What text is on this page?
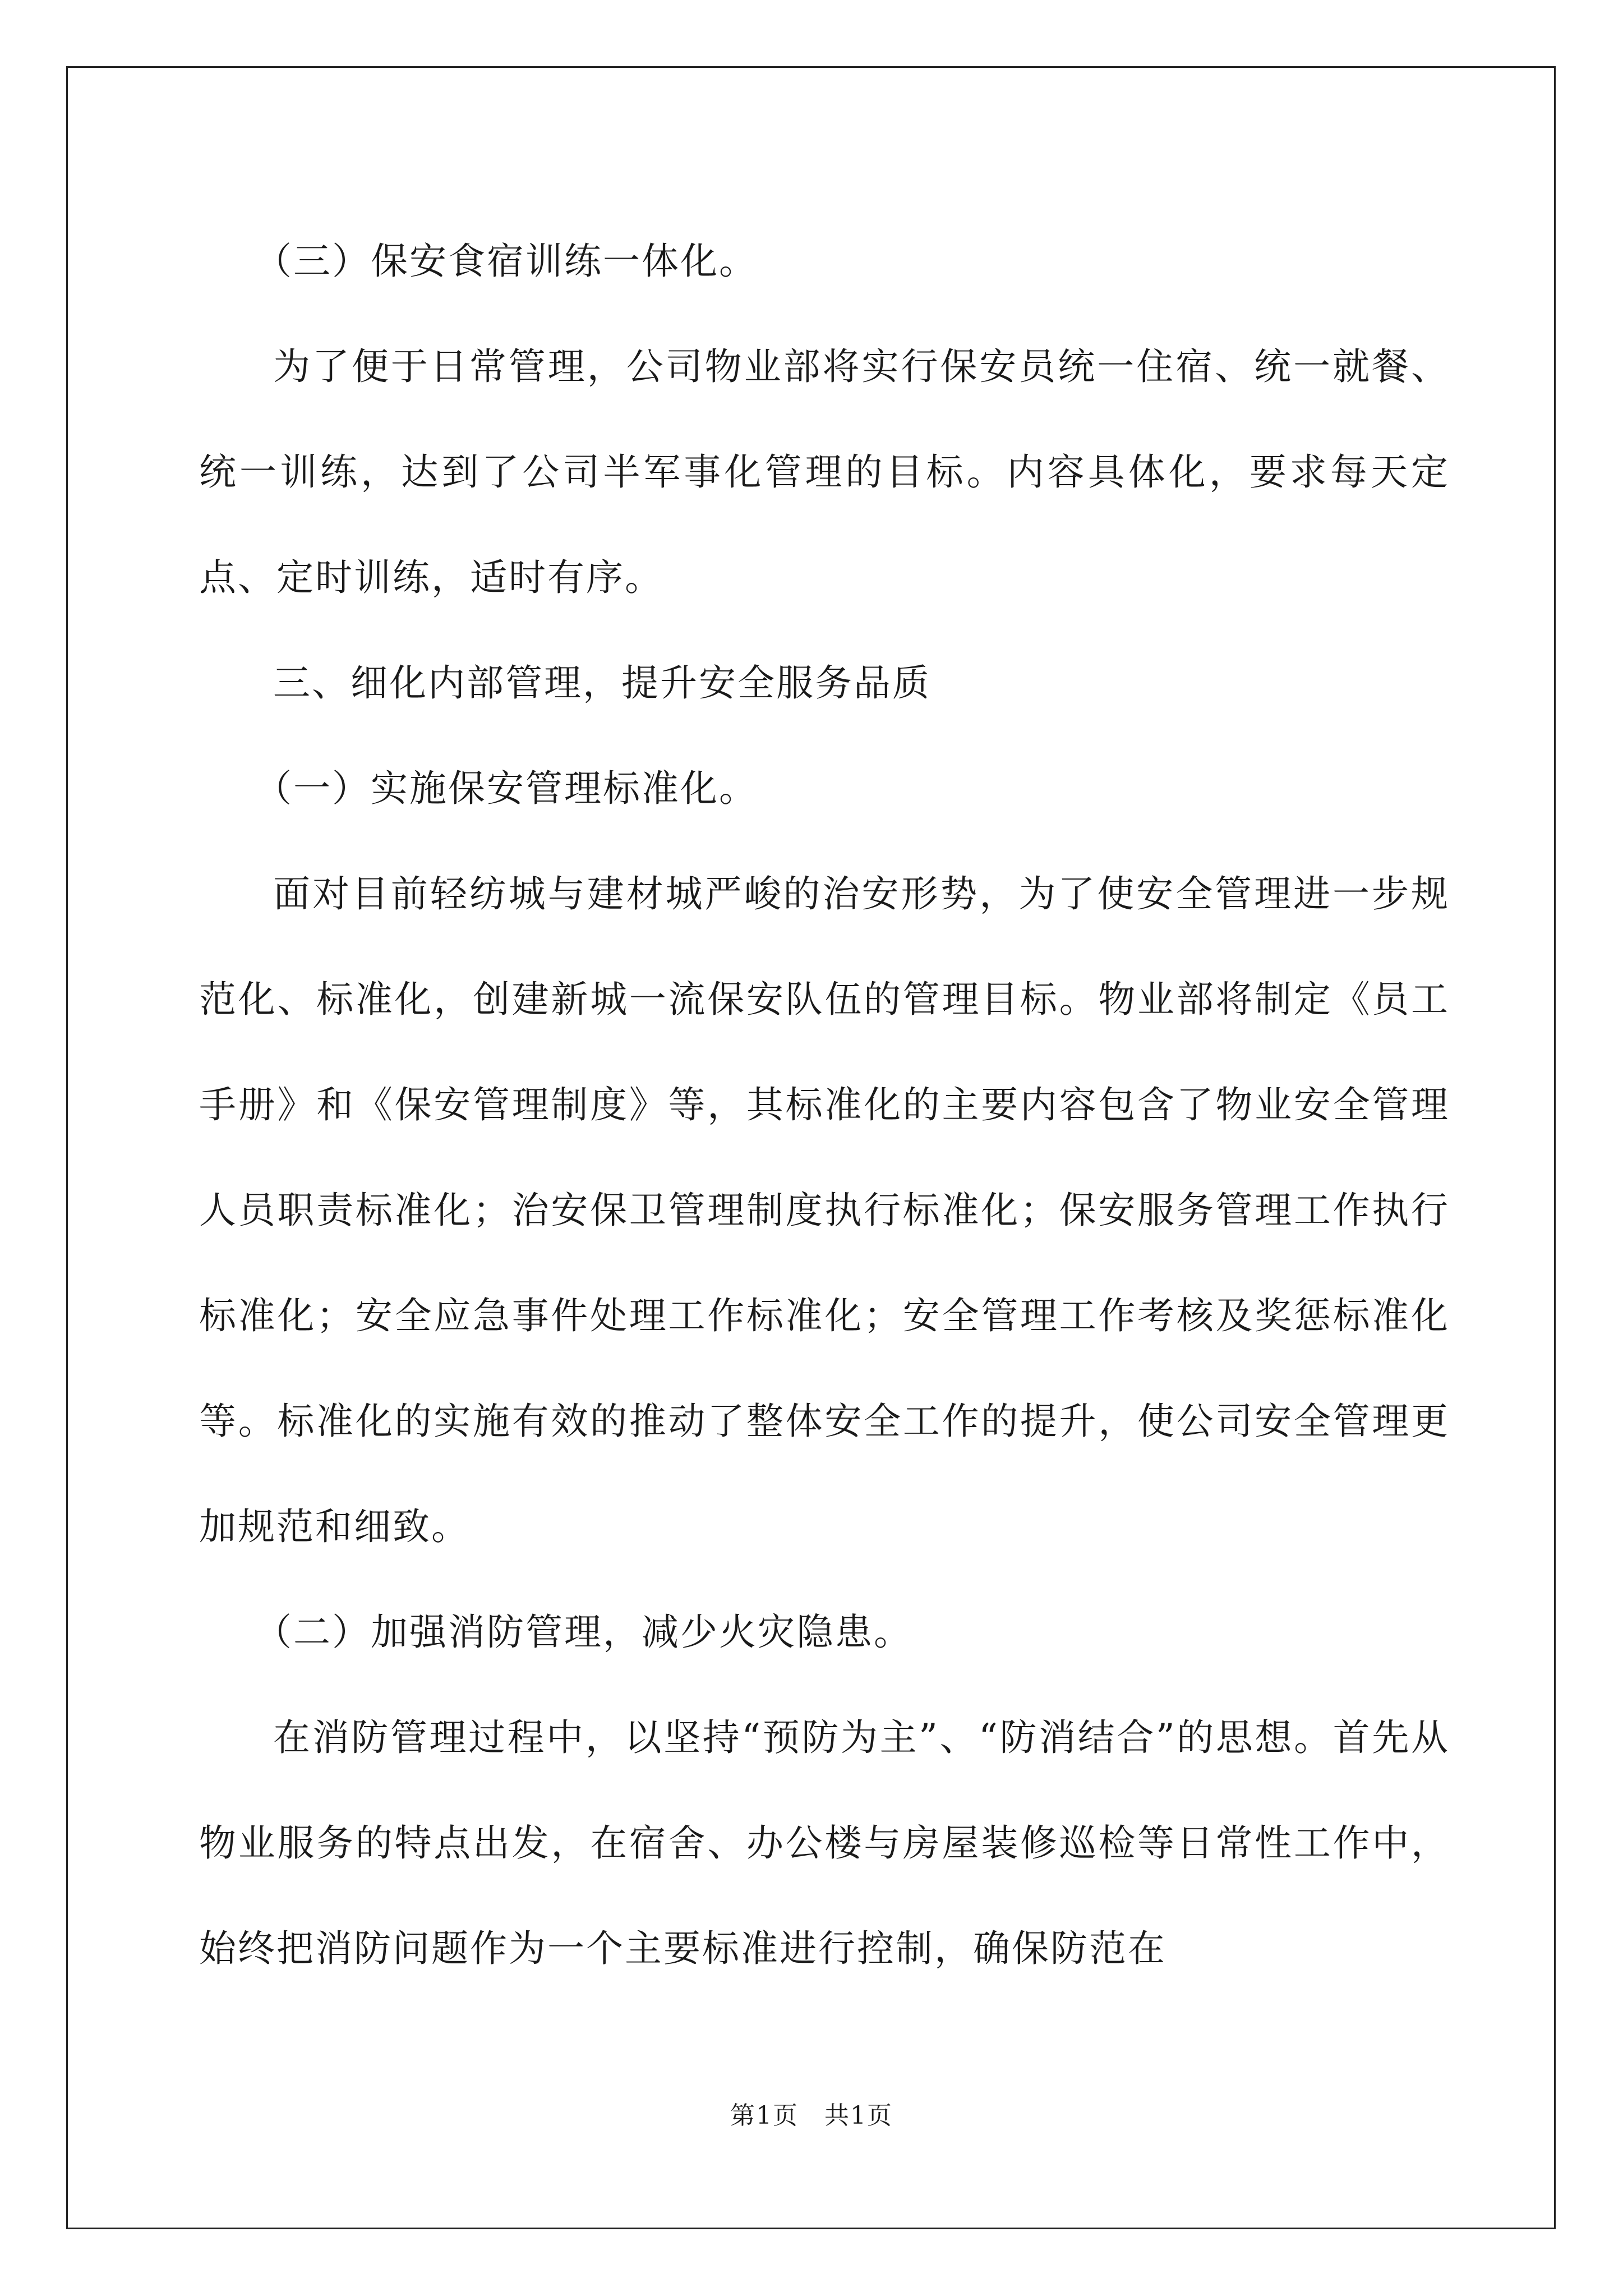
（三）保安食宿训练一体化。

为了便于日常管理，公司物业部将实行保安员统一住宿、统一就餐、统一训练，达到了公司半军事化管理的目标。内容具体化，要求每天定点、定时训练，适时有序。

三、细化内部管理，提升安全服务品质

（一）实施保安管理标准化。

面对目前轻纺城与建材城严峻的治安形势，为了使安全管理进一步规范化、标准化，创建新城一流保安队伍的管理目标。物业部将制定《员工手册》和《保安管理制度》等，其标准化的主要内容包含了物业安全管理人员职责标准化；治安保卫管理制度执行标准化；保安服务管理工作执行标准化；安全应急事件处理工作标准化；安全管理工作考核及奖惩标准化等。标准化的实施有效的推动了整体安全工作的提升，使公司安全管理更加规范和细致。

（二）加强消防管理，减少火灾隐患。

在消防管理过程中，以坚持“预防为主”、“防消结合”的思想。首先从物业服务的特点出发，在宿舍、办公楼与房屋装修巡检等日常性工作中，始终把消防问题作为一个主要标准进行控制，确保防范在

第1页　共1页
